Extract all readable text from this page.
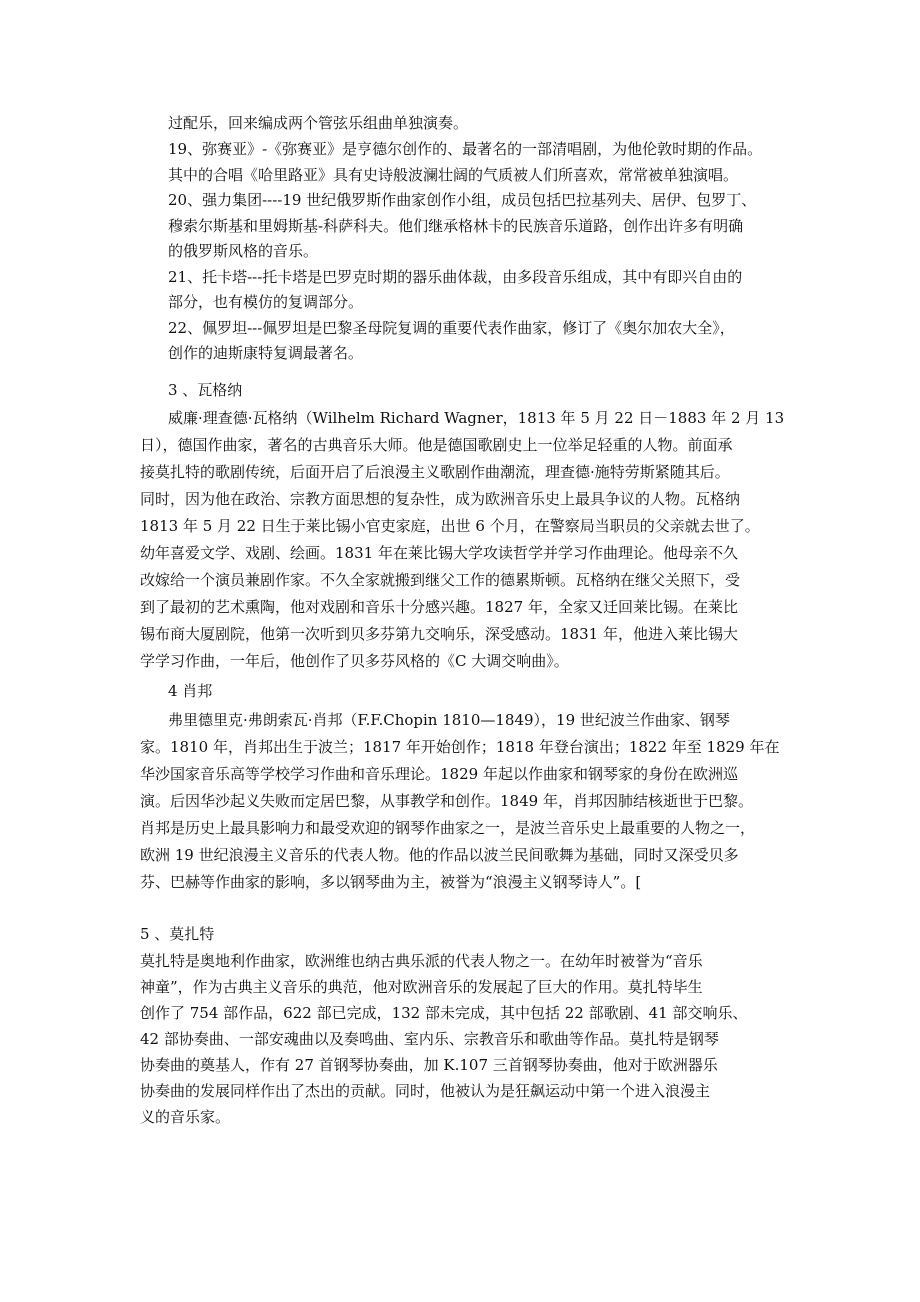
过配乐，回来编成两个管弦乐组曲单独演奏。

19、弥赛亚》-《弥赛亚》是亨德尔创作的、最著名的一部清唱剧，为他伦敦时期的作品。

其中的合唱《哈里路亚》具有史诗般波澜壮阔的气质被人们所喜欢，常常被单独演唱。

20、强力集团----19 世纪俄罗斯作曲家创作小组，成员包括巴拉基列夫、居伊、包罗丁、

穆索尔斯基和里姆斯基-科萨科夫。他们继承格林卡的民族音乐道路，创作出许多有明确

的俄罗斯风格的音乐。

21、托卡塔---托卡塔是巴罗克时期的器乐曲体裁，由多段音乐组成，其中有即兴自由的

部分，也有模仿的复调部分。

22、佩罗坦---佩罗坦是巴黎圣母院复调的重要代表作曲家，修订了《奥尔加农大全》，

创作的迪斯康特复调最著名。

3 、瓦格纳

威廉·理查德·瓦格纳（Wilhelm Richard Wagner，1813 年 5 月 22 日－1883 年 2 月 13

日），德国作曲家，著名的古典音乐大师。他是德国歌剧史上一位举足轻重的人物。前面承

接莫扎特的歌剧传统，后面开启了后浪漫主义歌剧作曲潮流，理查德·施特劳斯紧随其后。

同时，因为他在政治、宗教方面思想的复杂性，成为欧洲音乐史上最具争议的人物。瓦格纳

1813 年 5 月 22 日生于莱比锡小官吏家庭，出世 6 个月，在警察局当职员的父亲就去世了。

幼年喜爱文学、戏剧、绘画。1831 年在莱比锡大学攻读哲学并学习作曲理论。他母亲不久

改嫁给一个演员兼剧作家。不久全家就搬到继父工作的德累斯顿。瓦格纳在继父关照下，受

到了最初的艺术熏陶，他对戏剧和音乐十分感兴趣。1827 年，全家又迁回莱比锡。在莱比

锡布商大厦剧院，他第一次听到贝多芬第九交响乐，深受感动。1831 年，他进入莱比锡大

学学习作曲，一年后，他创作了贝多芬风格的《C 大调交响曲》。

4 肖邦

弗里德里克·弗朗索瓦·肖邦（F.F.Chopin 1810—1849），19 世纪波兰作曲家、钢琴

家。1810 年，肖邦出生于波兰；1817 年开始创作；1818 年登台演出；1822 年至 1829 年在

华沙国家音乐高等学校学习作曲和音乐理论。1829 年起以作曲家和钢琴家的身份在欧洲巡

演。后因华沙起义失败而定居巴黎，从事教学和创作。1849 年，肖邦因肺结核逝世于巴黎。

肖邦是历史上最具影响力和最受欢迎的钢琴作曲家之一，是波兰音乐史上最重要的人物之一，

欧洲 19 世纪浪漫主义音乐的代表人物。他的作品以波兰民间歌舞为基础，同时又深受贝多

芬、巴赫等作曲家的影响，多以钢琴曲为主，被誉为“浪漫主义钢琴诗人”。[

5 、莫扎特

莫扎特是奥地利作曲家，欧洲维也纳古典乐派的代表人物之一。在幼年时被誉为“音乐

神童”，作为古典主义音乐的典范，他对欧洲音乐的发展起了巨大的作用。莫扎特毕生

创作了 754 部作品，622 部已完成，132 部未完成，其中包括 22 部歌剧、41 部交响乐、

42 部协奏曲、一部安魂曲以及奏鸣曲、室内乐、宗教音乐和歌曲等作品。莫扎特是钢琴

协奏曲的奠基人，作有 27 首钢琴协奏曲，加 K.107 三首钢琴协奏曲，他对于欧洲器乐

协奏曲的发展同样作出了杰出的贡献。同时，他被认为是狂飙运动中第一个进入浪漫主

义的音乐家。
